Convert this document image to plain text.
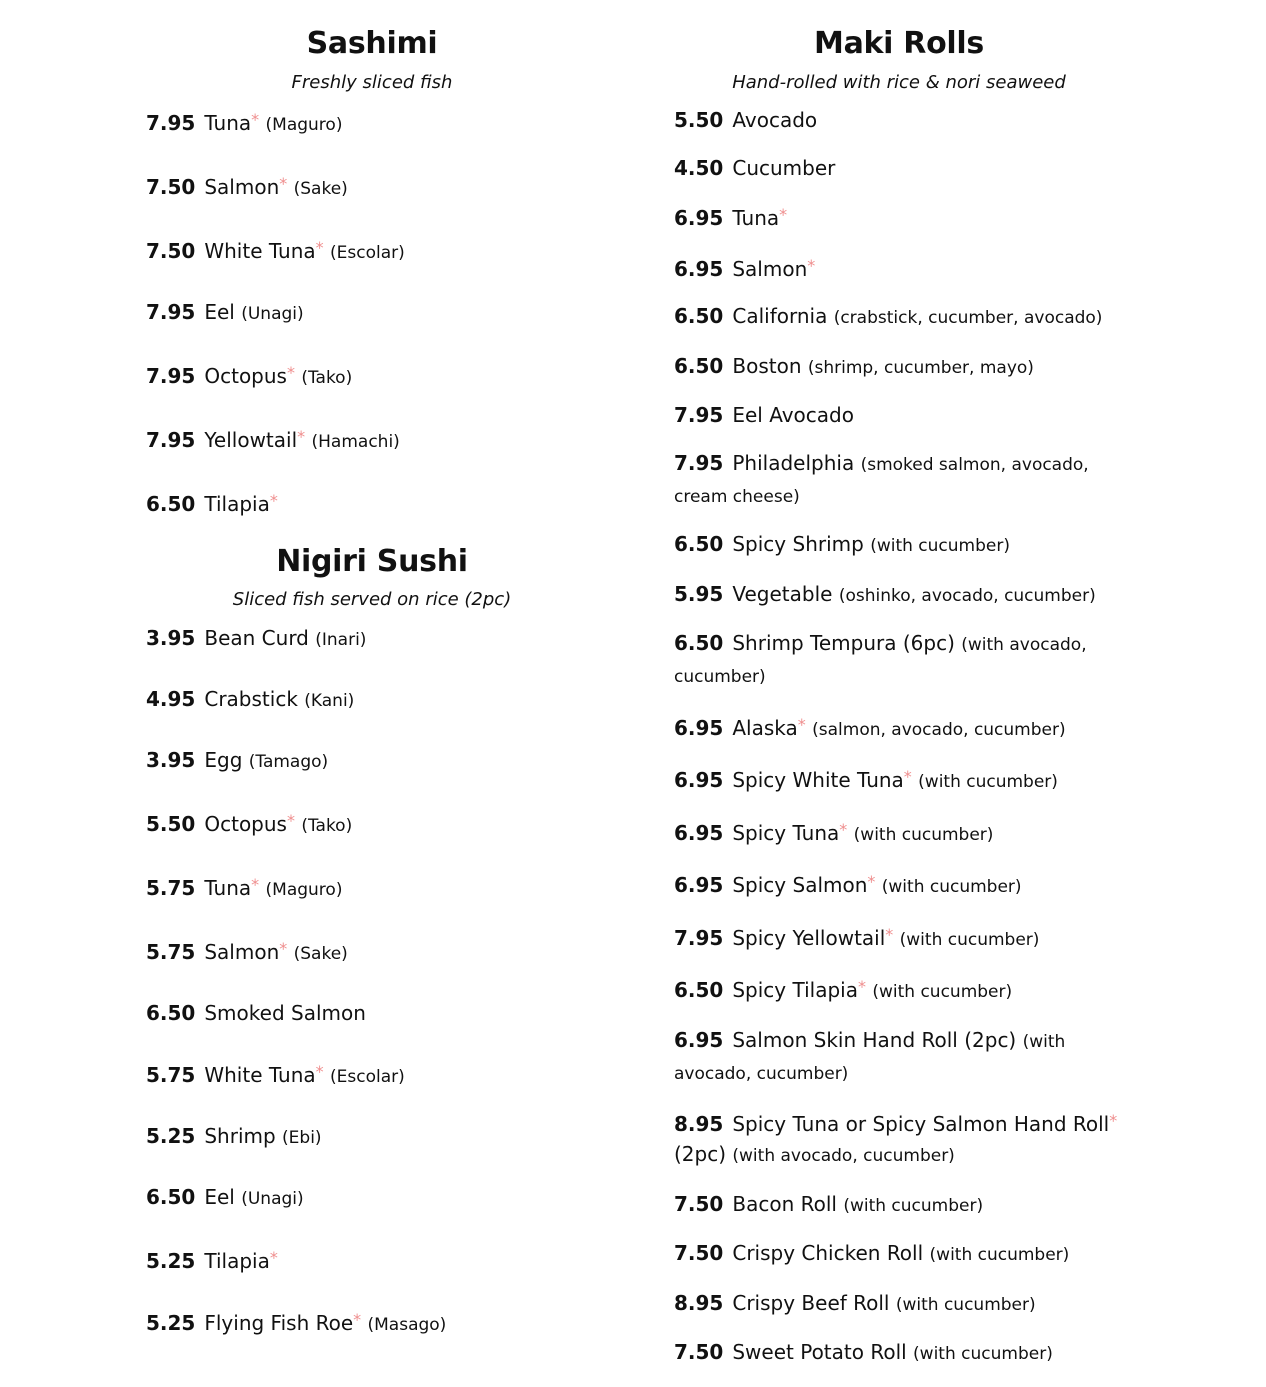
Sashimi

Freshly sliced fish

7.95 Tuna* (Maguro)
7.50 Salmon* (Sake)
7.50 White Tuna* (Escolar)
7.95 Eel (Unagi)
7.95 Octopus* (Tako)
7.95 Yellowtail* (Hamachi)
6.50 Tilapia*
Nigiri Sushi

Sliced fish served on rice (2pc)

3.95 Bean Curd (Inari)
4.95 Crabstick (Kani)
3.95 Egg (Tamago)
5.50 Octopus* (Tako)
5.75 Tuna* (Maguro)
5.75 Salmon* (Sake)
6.50 Smoked Salmon
5.75 White Tuna* (Escolar)
5.25 Shrimp (Ebi)
6.50 Eel (Unagi)
5.25 Tilapia*
5.25 Flying Fish Roe* (Masago)
Maki Rolls

Hand-rolled with rice & nori seaweed

5.50 Avocado
4.50 Cucumber
6.95 Tuna*
6.95 Salmon*
6.50 California (crabstick, cucumber, avocado)
6.50 Boston (shrimp, cucumber, mayo)
7.95 Eel Avocado
7.95 Philadelphia (smoked salmon, avocado, cream cheese)
6.50 Spicy Shrimp (with cucumber)
5.95 Vegetable (oshinko, avocado, cucumber)
6.50 Shrimp Tempura (6pc) (with avocado, cucumber)
6.95 Alaska* (salmon, avocado, cucumber)
6.95 Spicy White Tuna* (with cucumber)
6.95 Spicy Tuna* (with cucumber)
6.95 Spicy Salmon* (with cucumber)
7.95 Spicy Yellowtail* (with cucumber)
6.50 Spicy Tilapia* (with cucumber)
6.95 Salmon Skin Hand Roll (2pc) (with avocado, cucumber)
8.95 Spicy Tuna or Spicy Salmon Hand Roll* (2pc) (with avocado, cucumber)
7.50 Bacon Roll (with cucumber)
7.50 Crispy Chicken Roll (with cucumber)
8.95 Crispy Beef Roll (with cucumber)
7.50 Sweet Potato Roll (with cucumber)
